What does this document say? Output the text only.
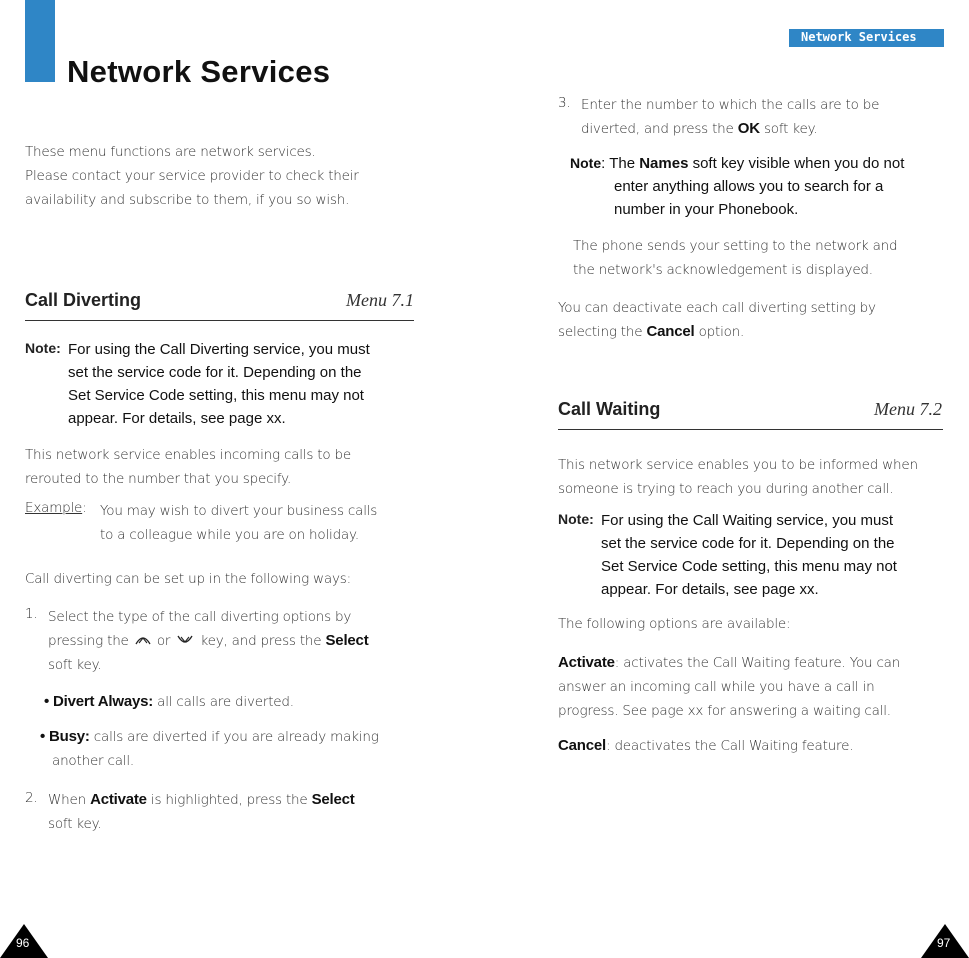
Network Services
These menu functions are network services.
Please contact your service provider to check their
availability and subscribe to them, if you so wish.
Call Diverting	Menu 7.1
Note: For using the Call Diverting service, you must
set the service code for it. Depending on the
Set Service Code setting, this menu may not
appear. For details, see page xx.
This network service enables incoming calls to be
rerouted to the number that you specify.
Example: You may wish to divert your business calls
to a colleague while you are on holiday.
Call diverting can be set up in the following ways:
1. Select the type of the call diverting options by
pressing the or key, and press the Select
soft key.
• Divert Always: all calls are diverted.
• Busy: calls are diverted if you are already making
another call.
2. When Activate is highlighted, press the Select
soft key.
96
Network Services
3. Enter the number to which the calls are to be
diverted, and press the OK soft key.
Note: The Names soft key visible when you do not
enter anything allows you to search for a
number in your Phonebook.
The phone sends your setting to the network and
the network's acknowledgement is displayed.
You can deactivate each call diverting setting by
selecting the Cancel option.
Call Waiting	Menu 7.2
This network service enables you to be informed when
someone is trying to reach you during another call.
Note: For using the Call Waiting service, you must
set the service code for it. Depending on the
Set Service Code setting, this menu may not
appear. For details, see page xx.
The following options are available:
Activate: activates the Call Waiting feature. You can
answer an incoming call while you have a call in
progress. See page xx for answering a waiting call.
Cancel: deactivates the Call Waiting feature.
97
